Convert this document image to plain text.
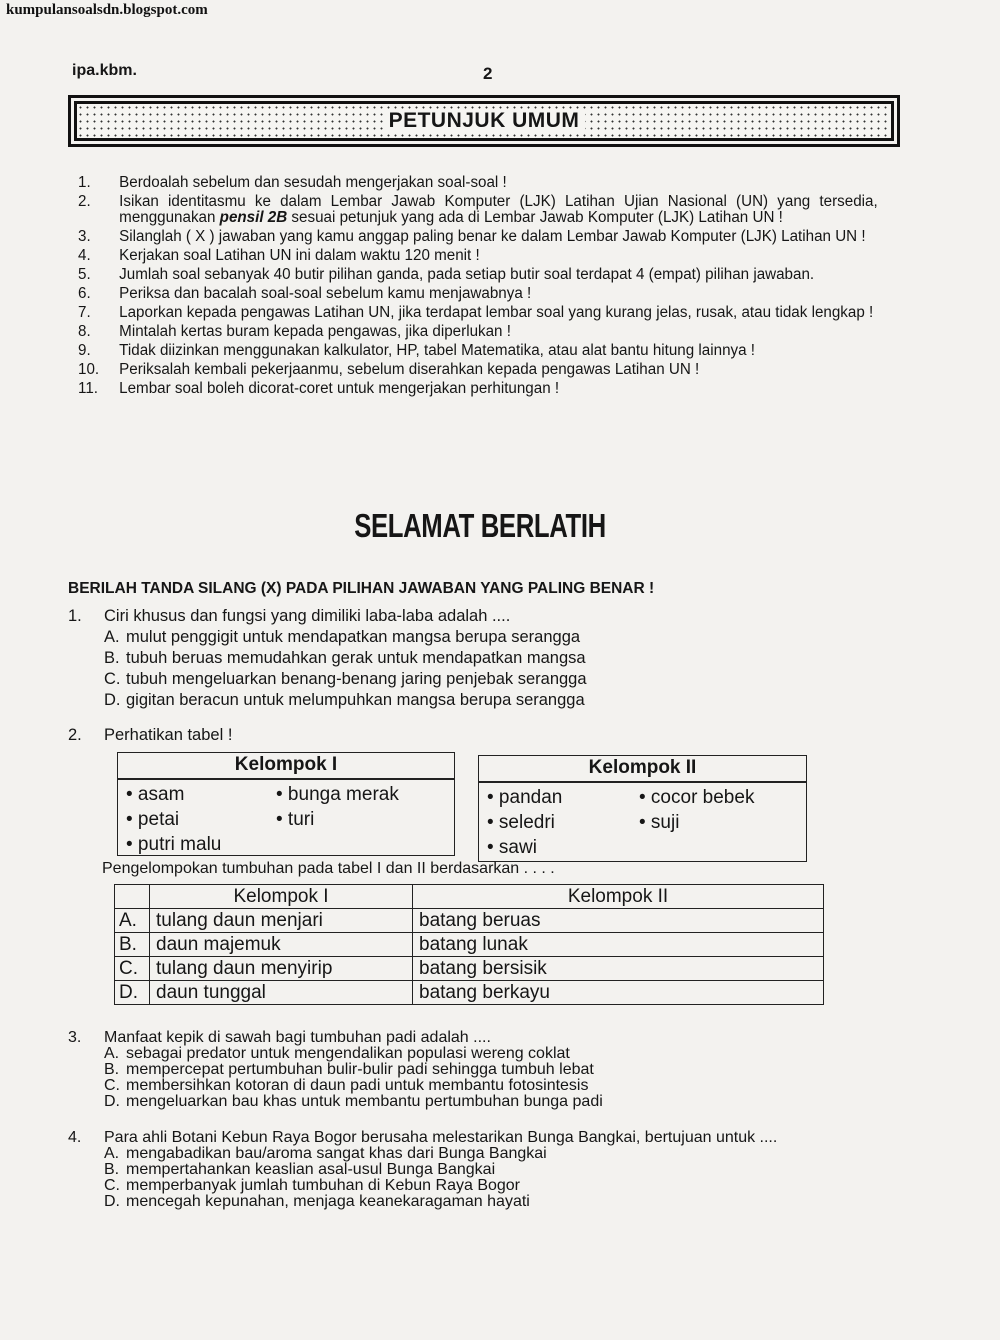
kumpulansoalsdn.blogspot.com
ipa.kbm.	2
PETUNJUK UMUM
1.	Berdoalah sebelum dan sesudah mengerjakan soal-soal !
2.	Isikan identitasmu ke dalam Lembar Jawab Komputer (LJK) Latihan Ujian Nasional (UN) yang tersedia, menggunakan pensil 2B sesuai petunjuk yang ada di Lembar Jawab Komputer (LJK) Latihan UN !
3.	Silanglah ( X ) jawaban yang kamu anggap paling benar ke dalam Lembar Jawab Komputer (LJK) Latihan UN !
4.	Kerjakan soal Latihan UN ini dalam waktu 120 menit !
5.	Jumlah soal sebanyak 40 butir pilihan ganda, pada setiap butir soal terdapat 4 (empat) pilihan jawaban.
6.	Periksa dan bacalah soal-soal sebelum kamu menjawabnya !
7.	Laporkan kepada pengawas Latihan UN, jika terdapat lembar soal yang kurang jelas, rusak, atau tidak lengkap !
8.	Mintalah kertas buram kepada pengawas, jika diperlukan !
9.	Tidak diizinkan menggunakan kalkulator, HP, tabel Matematika, atau alat bantu hitung lainnya !
10.	Periksalah kembali pekerjaanmu, sebelum diserahkan kepada pengawas Latihan UN !
11.	Lembar soal boleh dicorat-coret untuk mengerjakan perhitungan !
SELAMAT BERLATIH
BERILAH TANDA SILANG (X) PADA PILIHAN JAWABAN YANG PALING BENAR !
1.	Ciri khusus dan fungsi yang dimiliki laba-laba adalah ....
A. mulut penggigit untuk mendapatkan mangsa berupa serangga
B. tubuh beruas memudahkan gerak untuk mendapatkan mangsa
C. tubuh mengeluarkan benang-benang jaring penjebak serangga
D. gigitan beracun untuk melumpuhkan mangsa berupa serangga
2.	Perhatikan tabel !
Kelompok I
• asam	• bunga merak
• petai	• turi
• putri malu
Kelompok II
• pandan	• cocor bebek
• seledri	• suji
• sawi
Pengelompokan tumbuhan pada tabel I dan II berdasarkan . . . .
	Kelompok I	Kelompok II
A.	tulang daun menjari	batang beruas
B.	daun majemuk	batang lunak
C.	tulang daun menyirip	batang bersisik
D.	daun tunggal	batang berkayu
3.	Manfaat kepik di sawah bagi tumbuhan padi adalah ....
A. sebagai predator untuk mengendalikan populasi wereng coklat
B. mempercepat pertumbuhan bulir-bulir padi sehingga tumbuh lebat
C. membersihkan kotoran di daun padi untuk membantu fotosintesis
D. mengeluarkan bau khas untuk membantu pertumbuhan bunga padi
4.	Para ahli Botani Kebun Raya Bogor berusaha melestarikan Bunga Bangkai, bertujuan untuk ....
A. mengabadikan bau/aroma sangat khas dari Bunga Bangkai
B. mempertahankan keaslian asal-usul Bunga Bangkai
C. memperbanyak jumlah tumbuhan di Kebun Raya Bogor
D. mencegah kepunahan, menjaga keanekaragaman hayati
